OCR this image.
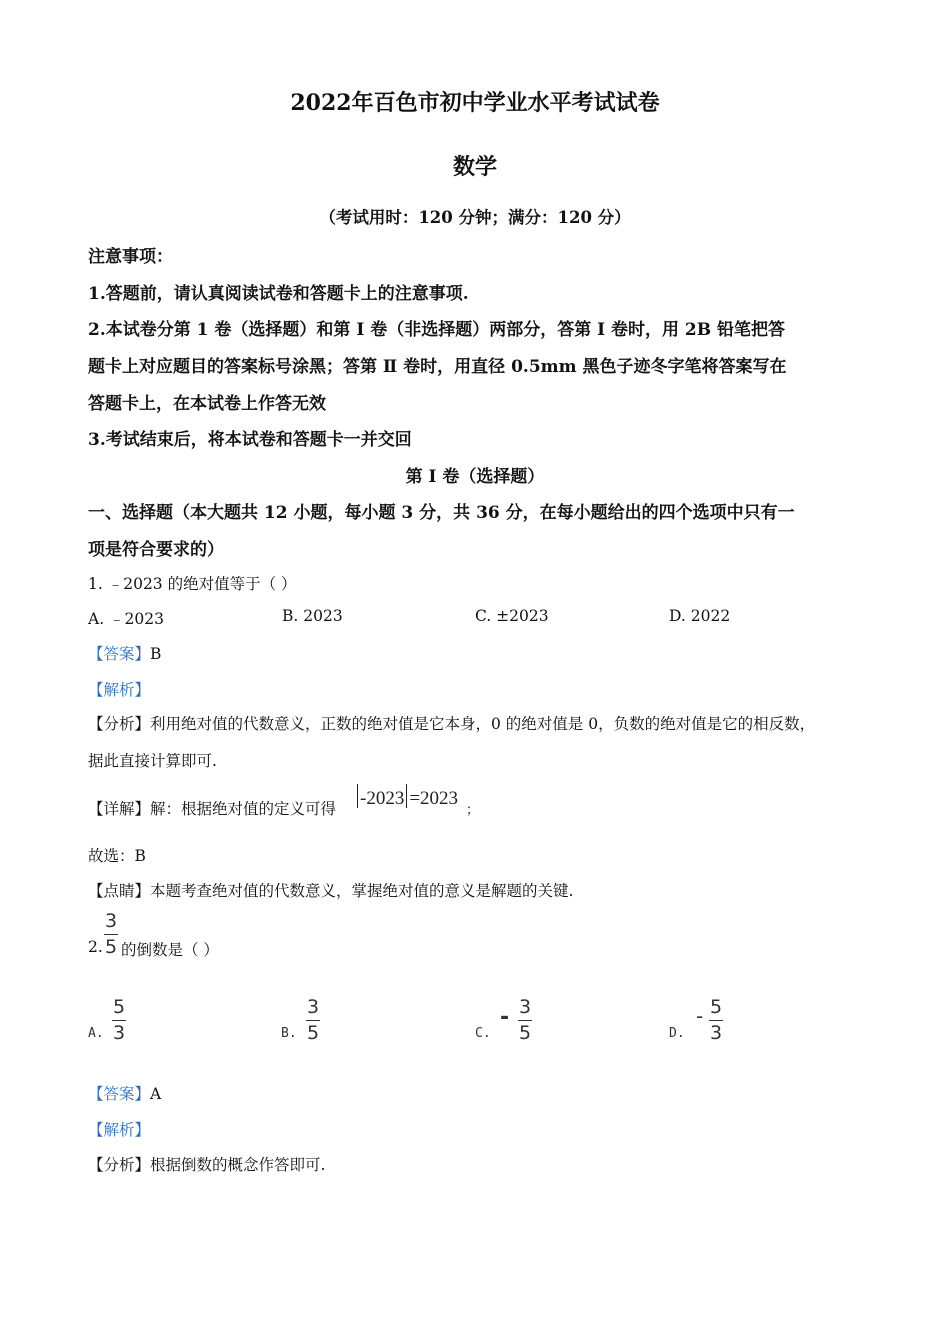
2022年百色市初中学业水平考试试卷
数学
（考试用时：120 分钟；满分：120 分）
注意事项：
1.答题前，请认真阅读试卷和答题卡上的注意事项.
2.本试卷分第 1 卷（选择题）和第 I 卷（非选择题）两部分，答第 I 卷时，用 2B 铅笔把答
题卡上对应题目的答案标号涂黑；答第 Ⅱ 卷时，用直径 0.5mm 黑色子迹冬字笔将答案写在
答题卡上，在本试卷上作答无效
3.考试结束后，将本试卷和答题卡一并交回
第 I 卷（选择题）
一、选择题（本大题共 12 小题，每小题 3 分，共 36 分，在每小题给出的四个选项中只有一
项是符合要求的）
1. ﹣2023 的绝对值等于（ ）
A. ﹣2023	B. 2023	C. ±2023	D. 2022
【答案】B
【解析】
【分析】利用绝对值的代数意义，正数的绝对值是它本身，0 的绝对值是 0，负数的绝对值是它的相反数，
据此直接计算即可.
【详解】解：根据绝对值的定义可得 -2023 =2023
；
故选：B
【点睛】本题考查绝对值的代数意义，掌握绝对值的意义是解题的关键.
2. $\frac{3}{5}$ 的倒数是（ ）
A. $\frac{5}{3}$	B. $\frac{3}{5}$	C.
- $\frac{3}{5}$	D.
- $\frac{5}{3}$
【答案】A
【解析】
【分析】根据倒数的概念作答即可.
